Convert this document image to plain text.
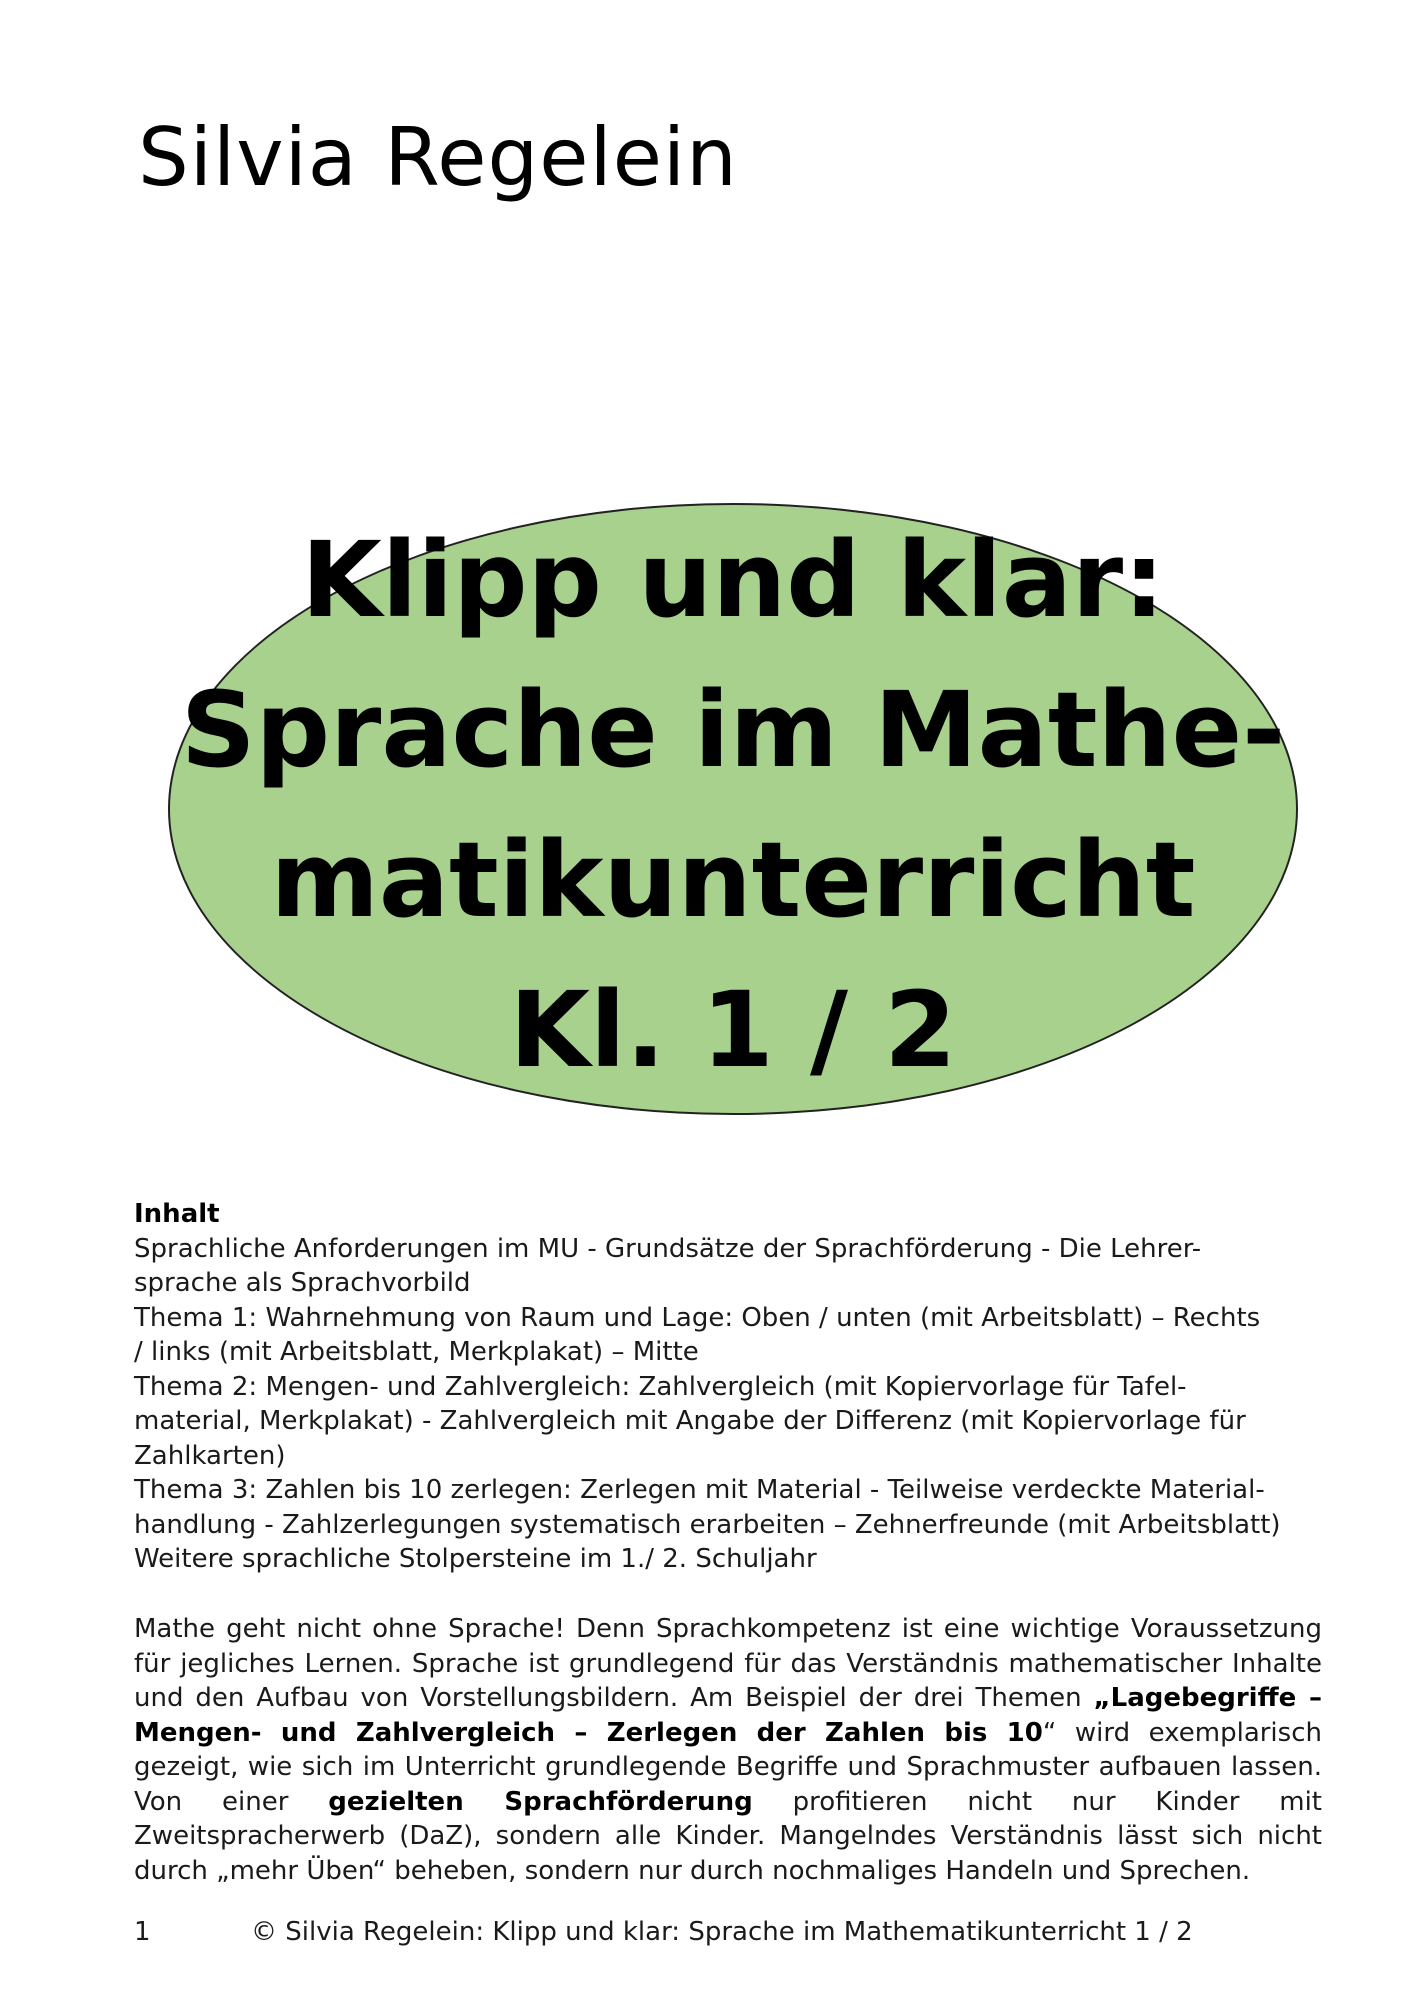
Silvia Regelein
Klipp und klar:
Sprache im Mathe-
matikunterricht
Kl. 1 / 2
Inhalt
Sprachliche Anforderungen im MU - Grundsätze der Sprachförderung - Die Lehrer-
sprache als Sprachvorbild
Thema 1: Wahrnehmung von Raum und Lage: Oben / unten (mit Arbeitsblatt) – Rechts
/ links (mit Arbeitsblatt, Merkplakat) – Mitte
Thema 2: Mengen- und Zahlvergleich: Zahlvergleich (mit Kopiervorlage für Tafel-
material, Merkplakat) - Zahlvergleich mit Angabe der Differenz (mit Kopiervorlage für
Zahlkarten)
Thema 3: Zahlen bis 10 zerlegen: Zerlegen mit Material - Teilweise verdeckte Material-
handlung - Zahlzerlegungen systematisch erarbeiten – Zehnerfreunde (mit Arbeitsblatt)
Weitere sprachliche Stolpersteine im 1./ 2. Schuljahr
Mathe geht nicht ohne Sprache! Denn Sprachkompetenz ist eine wichtige Voraussetzung für jegliches Lernen. Sprache ist grundlegend für das Verständnis mathematischer Inhalte und den Aufbau von Vorstellungsbildern. Am Beispiel der drei Themen „Lagebegriffe – Mengen- und Zahlvergleich – Zerlegen der Zahlen bis 10“ wird exemplarisch gezeigt, wie sich im Unterricht grundlegende Begriffe und Sprachmuster aufbauen lassen. Von einer gezielten Sprachförderung profitieren nicht nur Kinder mit Zweitspracherwerb (DaZ), sondern alle Kinder. Mangelndes Verständnis lässt sich nicht durch „mehr Üben“ beheben, sondern nur durch nochmaliges Handeln und Sprechen.
1	© Silvia Regelein: Klipp und klar: Sprache im Mathematikunterricht 1 / 2
